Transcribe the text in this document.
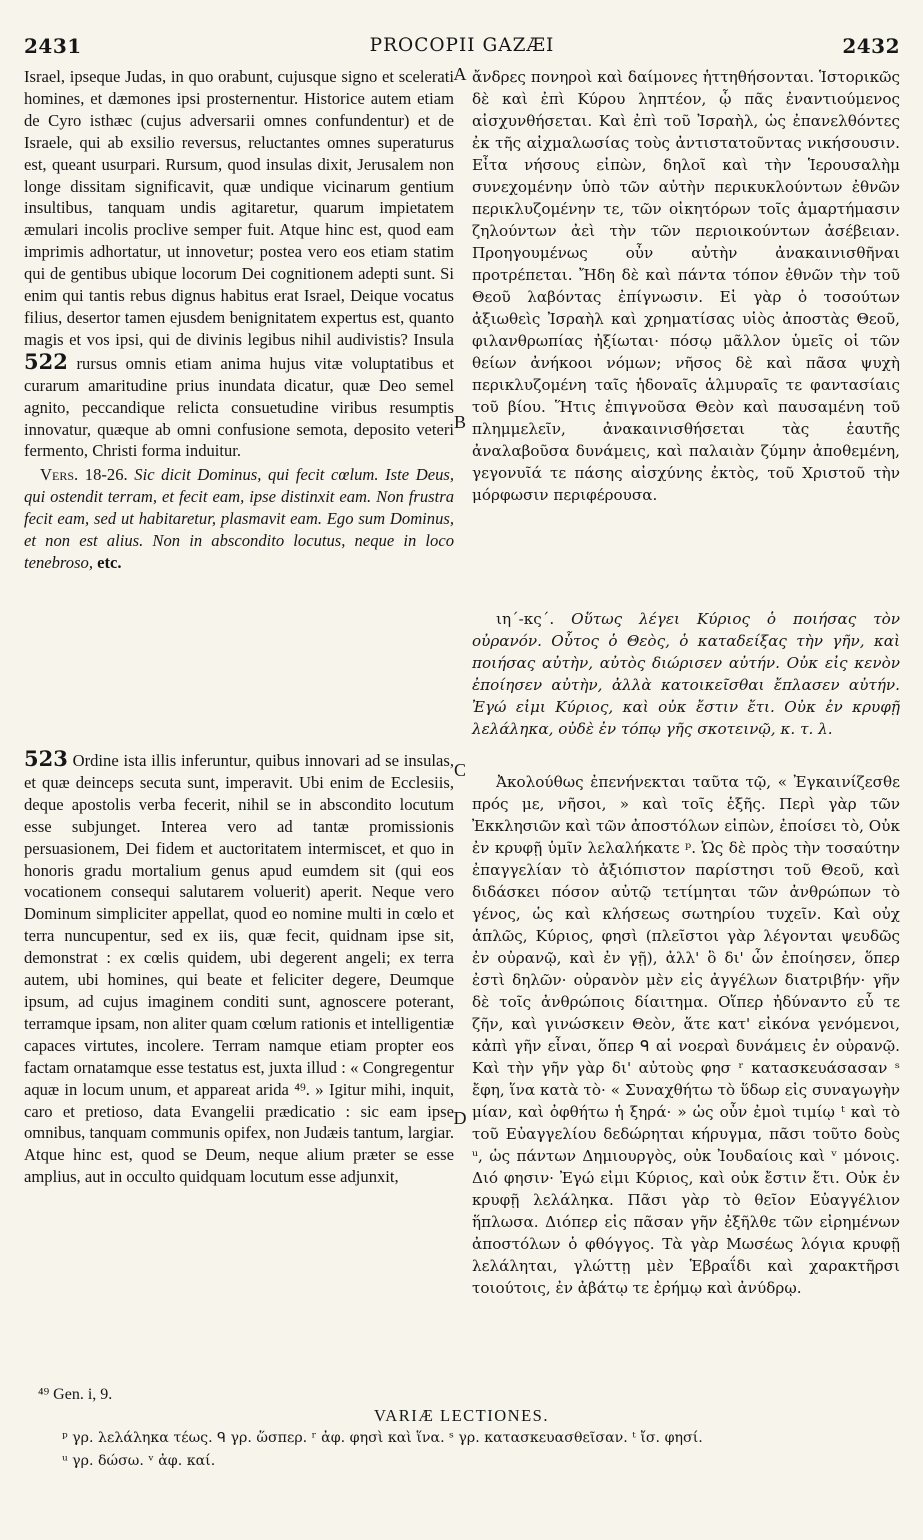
2431	PROCOPII GAZÆI	2432

Israel, ipseque Judas, in quo orabunt, cujusque signo et scelerati homines, et dæmones ipsi prosternentur. Historice autem etiam de Cyro isthæc (cujus adversarii omnes confundentur) et de Israele, qui ab exsilio reversus, reluctantes omnes superaturus est, queant usurpari. Rursum, quod insulas dixit, Jerusalem non longe dissitam significavit, quæ undique vicinarum gentium insultibus, tanquam undis agitaretur, quarum impietatem æmulari incolis proclive semper fuit. Atque hinc est, quod eam imprimis adhortatur, ut innovetur; postea vero eos etiam statim qui de gentibus ubique locorum Dei cognitionem adepti sunt. Si enim qui tantis rebus dignus habitus erat Israel, Deique vocatus filius, desertor tamen ejusdem benignitatem expertus est, quanto magis et vos ipsi, qui de divinis legibus nihil audivistis? Insula 522 rursus omnis etiam anima hujus vitæ voluptatibus et curarum amaritudine prius inundata dicatur, quæ Deo semel agnito, peccandique relicta consuetudine viribus resumptis innovatur, quæque ab omni confusione semota, deposito veteri fermento, Christi forma induitur.

Vers. 18-26. Sic dicit Dominus, qui fecit cœlum. Iste Deus, qui ostendit terram, et fecit eam, ipse distinxit eam. Non frustra fecit eam, sed ut habitaretur, plasmavit eam. Ego sum Dominus, et non est alius. Non in abscondito locutus, neque in loco tenebroso, etc.

523 Ordine ista illis inferuntur, quibus innovari ad se insulas, et quæ deinceps secuta sunt, imperavit. Ubi enim de Ecclesiis, deque apostolis verba fecerit, nihil se in abscondito locutum esse subjunget. Interea vero ad tantæ promissionis persuasionem, Dei fidem et auctoritatem intermiscet, et quo in honoris gradu mortalium genus apud eumdem sit (qui eos vocationem consequi salutarem voluerit) aperit. Neque vero Dominum simpliciter appellat, quod eo nomine multi in cœlo et terra nuncupentur, sed ex iis, quæ fecit, quidnam ipse sit, demonstrat : ex cœlis quidem, ubi degerent angeli; ex terra autem, ubi homines, qui beate et feliciter degere, Deumque ipsum, ad cujus imaginem conditi sunt, agnoscere poterant, terramque ipsam, non aliter quam cœlum rationis et intelligentiæ capaces virtutes, incolere. Terram namque etiam propter eos factam ornatamque esse testatus est, juxta illud : « Congregentur aquæ in locum unum, et appareat arida ⁴⁹. » Igitur mihi, inquit, caro et pretioso, data Evangelii prædicatio : sic eam ipse omnibus, tanquam communis opifex, non Judæis tantum, largiar. Atque hinc est, quod se Deum, neque alium præter se esse amplius, aut in occulto quidquam locutum esse adjunxit,

ἄνδρες πονηροὶ καὶ δαίμονες ἡττηθήσονται. Ἱστορικῶς δὲ καὶ ἐπὶ Κύρου ληπτέον, ᾧ πᾶς ἐναντιούμενος αἰσχυνθήσεται. Καὶ ἐπὶ τοῦ Ἰσραὴλ, ὡς ἐπανελθόντες ἐκ τῆς αἰχμαλωσίας τοὺς ἀντιστατοῦντας νικήσουσιν. Εἶτα νήσους εἰπὼν, δηλοῖ καὶ τὴν Ἱερουσαλὴμ συνεχομένην ὑπὸ τῶν αὐτὴν περικυκλούντων ἐθνῶν περικλυζομένην τε, τῶν οἰκητόρων τοῖς ἁμαρτήμασιν ζηλούντων ἀεὶ τὴν τῶν περιοικούντων ἀσέβειαν. Προηγουμένως οὖν αὐτὴν ἀνακαινισθῆναι προτρέπεται. Ἤδη δὲ καὶ πάντα τόπον ἐθνῶν τὴν τοῦ Θεοῦ λαβόντας ἐπίγνωσιν. Εἰ γὰρ ὁ τοσούτων ἀξιωθεὶς Ἰσραὴλ καὶ χρηματίσας υἱὸς ἀποστὰς Θεοῦ, φιλανθρωπίας ἠξίωται· πόσῳ μᾶλλον ὑμεῖς οἱ τῶν θείων ἀνήκοοι νόμων; νῆσος δὲ καὶ πᾶσα ψυχὴ περικλυζομένη ταῖς ἡδοναῖς ἁλμυραῖς τε φαντασίαις τοῦ βίου. Ἥτις ἐπιγνοῦσα Θεὸν καὶ παυσαμένη τοῦ πλημμελεῖν, ἀνακαινισθήσεται τὰς ἑαυτῆς ἀναλαβοῦσα δυνάμεις, καὶ παλαιὰν ζύμην ἀποθεμένη, γεγονυῖά τε πάσης αἰσχύνης ἐκτὸς, τοῦ Χριστοῦ τὴν μόρφωσιν περιφέρουσα.

ιη΄-κς΄. Οὕτως λέγει Κύριος ὁ ποιήσας τὸν οὐρανόν. Οὗτος ὁ Θεὸς, ὁ καταδείξας τὴν γῆν, καὶ ποιήσας αὐτὴν, αὐτὸς διώρισεν αὐτήν. Οὐκ εἰς κενὸν ἐποίησεν αὐτὴν, ἀλλὰ κατοικεῖσθαι ἔπλασεν αὐτήν. Ἐγώ εἰμι Κύριος, καὶ οὐκ ἔστιν ἔτι. Οὐκ ἐν κρυφῇ λελάληκα, οὐδὲ ἐν τόπῳ γῆς σκοτεινῷ, κ. τ. λ.

Ἀκολούθως ἐπενήνεκται ταῦτα τῷ, « Ἐγκαινίζεσθε πρός με, νῆσοι, » καὶ τοῖς ἑξῆς. Περὶ γὰρ τῶν Ἐκκλησιῶν καὶ τῶν ἀποστόλων εἰπὼν, ἐποίσει τὸ, Οὐκ ἐν κρυφῇ ὑμῖν λελαλήκατε ᵖ. Ὡς δὲ πρὸς τὴν τοσαύτην ἐπαγγελίαν τὸ ἀξιόπιστον παρίστησι τοῦ Θεοῦ, καὶ διδάσκει πόσον αὐτῷ τετίμηται τῶν ἀνθρώπων τὸ γένος, ὡς καὶ κλήσεως σωτηρίου τυχεῖν. Καὶ οὐχ ἁπλῶς, Κύριος, φησὶ (πλεῖστοι γὰρ λέγονται ψευδῶς ἐν οὐρανῷ, καὶ ἐν γῇ), ἀλλ' ὃ δι' ὧν ἐποίησεν, ὅπερ ἐστὶ δηλῶν· οὐρανὸν μὲν εἰς ἀγγέλων διατριβήν· γῆν δὲ τοῖς ἀνθρώποις δίαιτημα. Οἵπερ ἠδύναντο εὖ τε ζῆν, καὶ γινώσκειν Θεὸν, ἅτε κατ' εἰκόνα γενόμενοι, κἀπὶ γῆν εἶναι, ὅπερ ᑫ αἱ νοεραὶ δυνάμεις ἐν οὐρανῷ. Καὶ τὴν γῆν γὰρ δι' αὐτοὺς φησ ʳ κατασκευάσασαν ˢ ἔφη, ἵνα κατὰ τὸ· « Συναχθήτω τὸ ὕδωρ εἰς συναγωγὴν μίαν, καὶ ὀφθήτω ἡ ξηρά· » ὡς οὖν ἐμοὶ τιμίῳ ᵗ καὶ τὸ τοῦ Εὐαγγελίου δεδώρηται κήρυγμα, πᾶσι τοῦτο δοὺς ᵘ, ὡς πάντων Δημιουργὸς, οὐκ Ἰουδαίοις καὶ ᵛ μόνοις. Διό φησιν· Ἐγώ εἰμι Κύριος, καὶ οὐκ ἔστιν ἔτι. Οὐκ ἐν κρυφῇ λελάληκα. Πᾶσι γὰρ τὸ θεῖον Εὐαγγέλιον ἥπλωσα. Διόπερ εἰς πᾶσαν γῆν ἐξῆλθε τῶν εἰρημένων ἀποστόλων ὁ φθόγγος. Τὰ γὰρ Μωσέως λόγια κρυφῇ λελάληται, γλώττῃ μὲν Ἑβραΐδι καὶ χαρακτῆρσι τοιούτοις, ἐν ἀβάτῳ τε ἐρήμῳ καὶ ἀνύδρῳ.

A
B
C
D
⁴⁹ Gen. i, 9.
VARIÆ LECTIONES.
ᵖ γρ. λελάληκα τέως. ᑫ γρ. ὥσπερ. ʳ ἀφ. φησὶ καὶ ἵνα. ˢ γρ. κατασκευασθεῖσαν. ᵗ ἴσ. φησί.
ᵘ γρ. δώσω. ᵛ ἀφ. καί.
